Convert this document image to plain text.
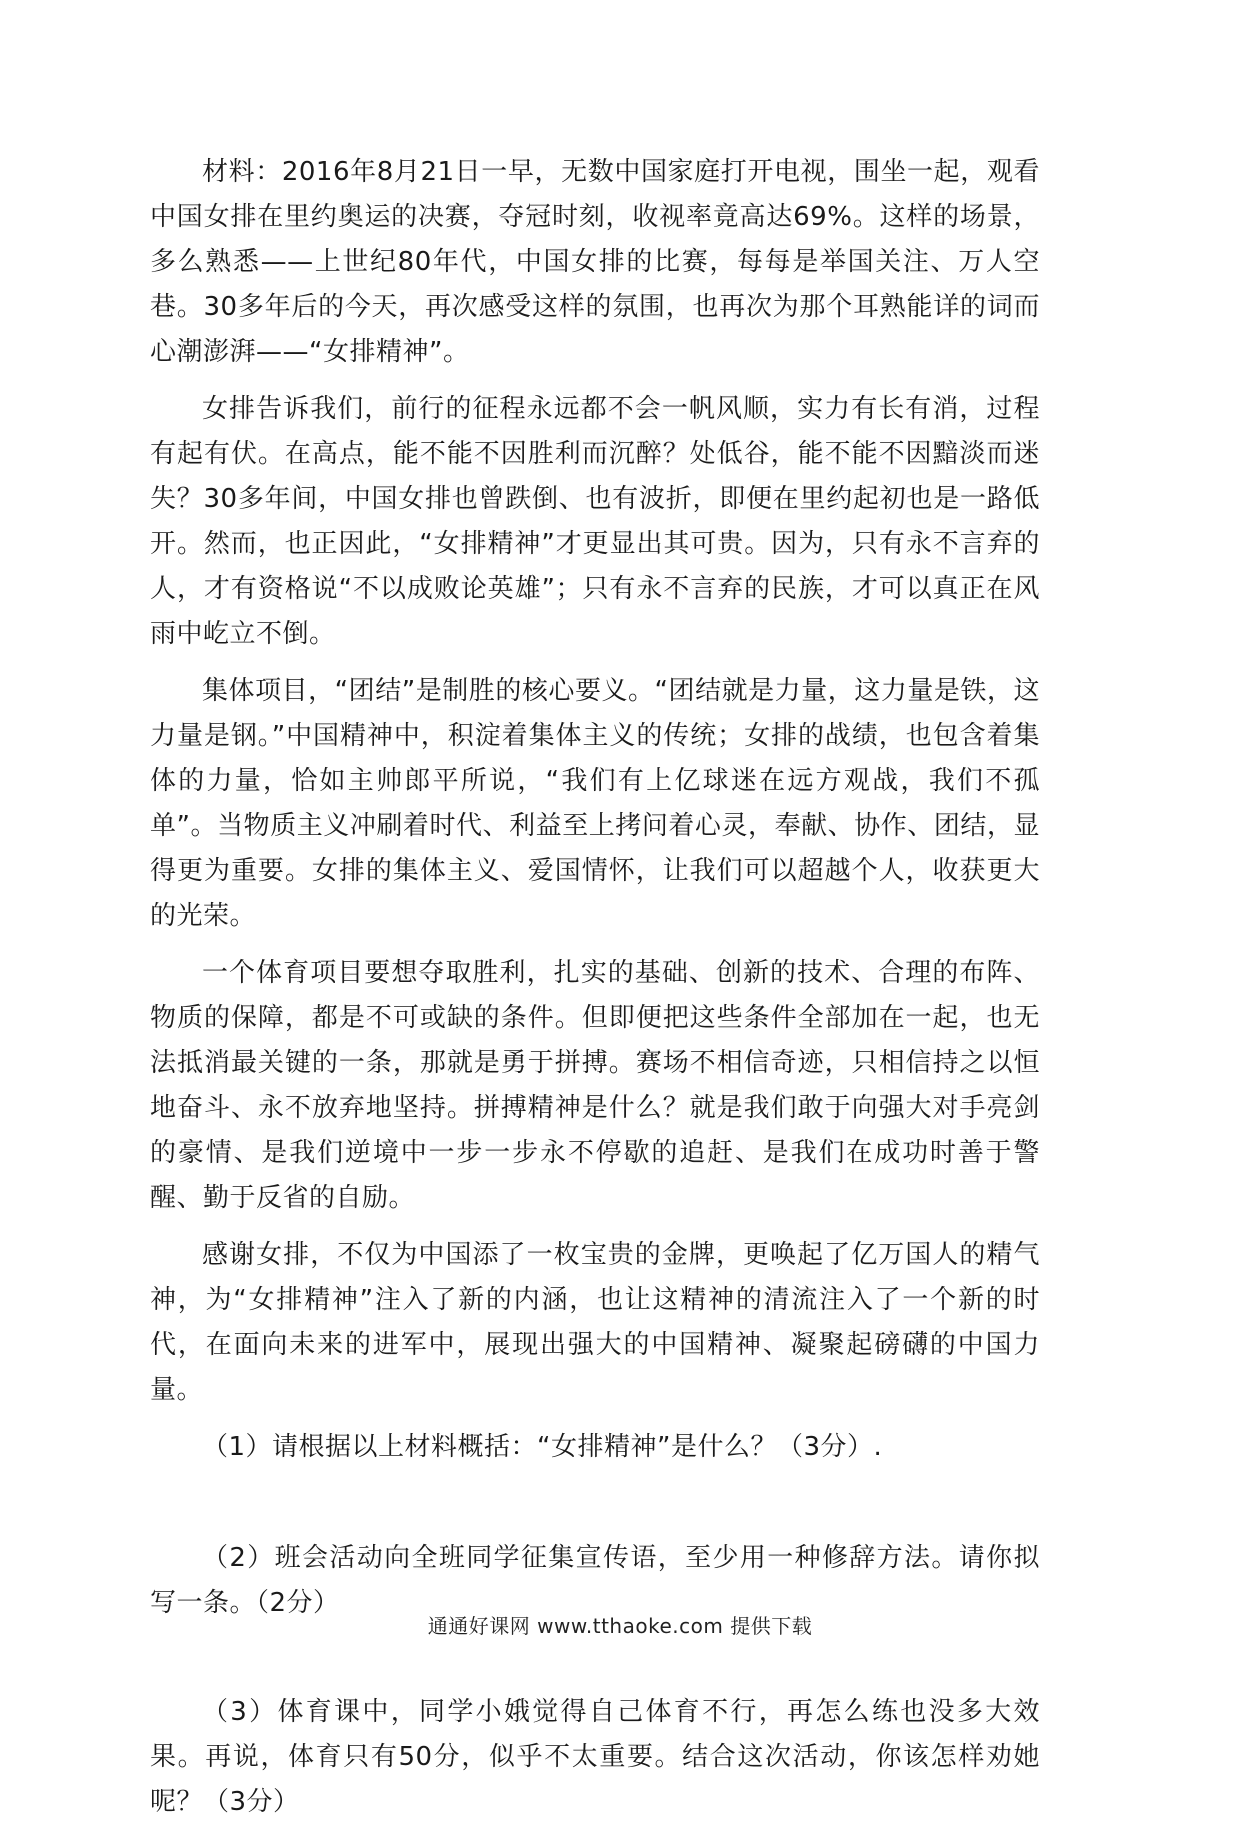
材料：2016年8月21日一早，无数中国家庭打开电视，围坐一起，观看中国女排在里约奥运的决赛，夺冠时刻，收视率竟高达69%。这样的场景，多么熟悉——上世纪80年代，中国女排的比赛，每每是举国关注、万人空巷。30多年后的今天，再次感受这样的氛围，也再次为那个耳熟能详的词而心潮澎湃——“女排精神”。

女排告诉我们，前行的征程永远都不会一帆风顺，实力有长有消，过程有起有伏。在高点，能不能不因胜利而沉醉？处低谷，能不能不因黯淡而迷失？30多年间，中国女排也曾跌倒、也有波折，即便在里约起初也是一路低开。然而，也正因此，“女排精神”才更显出其可贵。因为，只有永不言弃的人，才有资格说“不以成败论英雄”；只有永不言弃的民族，才可以真正在风雨中屹立不倒。

集体项目，“团结”是制胜的核心要义。“团结就是力量，这力量是铁，这力量是钢。”中国精神中，积淀着集体主义的传统；女排的战绩，也包含着集体的力量，恰如主帅郎平所说，“我们有上亿球迷在远方观战，我们不孤单”。当物质主义冲刷着时代、利益至上拷问着心灵，奉献、协作、团结，显得更为重要。女排的集体主义、爱国情怀，让我们可以超越个人，收获更大的光荣。

一个体育项目要想夺取胜利，扎实的基础、创新的技术、合理的布阵、物质的保障，都是不可或缺的条件。但即便把这些条件全部加在一起，也无法抵消最关键的一条，那就是勇于拼搏。赛场不相信奇迹，只相信持之以恒地奋斗、永不放弃地坚持。拼搏精神是什么？就是我们敢于向强大对手亮剑的豪情、是我们逆境中一步一步永不停歇的追赶、是我们在成功时善于警醒、勤于反省的自励。

感谢女排，不仅为中国添了一枚宝贵的金牌，更唤起了亿万国人的精气神，为“女排精神”注入了新的内涵，也让这精神的清流注入了一个新的时代，在面向未来的进军中，展现出强大的中国精神、凝聚起磅礴的中国力量。

（1）请根据以上材料概括：“女排精神”是什么？（3分）.

（2）班会活动向全班同学征集宣传语，至少用一种修辞方法。请你拟写一条。（2分）

（3）体育课中，同学小娥觉得自己体育不行，再怎么练也没多大效果。再说，体育只有50分，似乎不太重要。结合这次活动，你该怎样劝她呢？（3分）

通通好课网 www.tthaoke.com 提供下载
